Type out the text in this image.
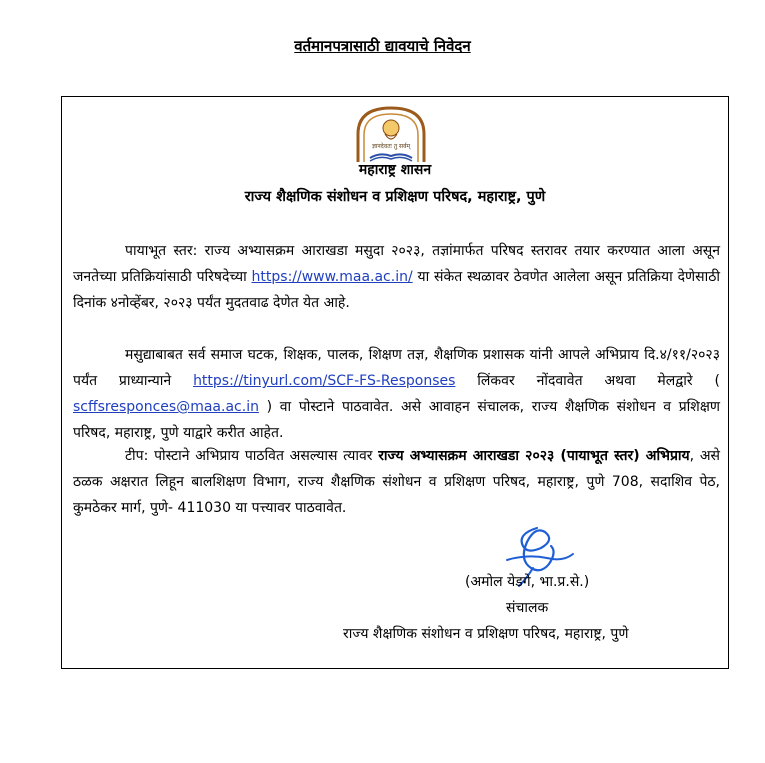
वर्तमानपत्रासाठी द्यावयाचे निवेदन
ज्ञानदेवतः तु सर्वम्
महाराष्ट्र शासन
राज्य शैक्षणिक संशोधन व प्रशिक्षण परिषद, महाराष्ट्र, पुणे
पायाभूत स्तर: राज्य अभ्यासक्रम आराखडा मसुदा २०२३, तज्ञांमार्फत परिषद स्तरावर तयार करण्यात आला असून जनतेच्या प्रतिक्रियांसाठी परिषदेच्या https://www.maa.ac.in/ या संकेत स्थळावर ठेवणेत आलेला असून प्रतिक्रिया देणेसाठी दिनांक ४नोव्हेंबर, २०२३ पर्यंत मुदतवाढ देणेत येत आहे.
मसुद्याबाबत सर्व समाज घटक, शिक्षक, पालक, शिक्षण तज्ञ, शैक्षणिक प्रशासक यांनी आपले अभिप्राय दि.४/११/२०२३ पर्यंत प्राध्यान्याने https://tinyurl.com/SCF-FS-Responses लिंकवर नोंदवावेत अथवा मेलद्वारे ( scffsresponces@maa.ac.in ) वा पोस्टाने पाठवावेत. असे आवाहन संचालक, राज्य शैक्षणिक संशोधन व प्रशिक्षण परिषद, महाराष्ट्र, पुणे याद्वारे करीत आहेत.
टीप: पोस्टाने अभिप्राय पाठवित असल्यास त्यावर राज्य अभ्यासक्रम आराखडा २०२३ (पायाभूत स्तर) अभिप्राय, असे ठळक अक्षरात लिहून बालशिक्षण विभाग, राज्य शैक्षणिक संशोधन व प्रशिक्षण परिषद, महाराष्ट्र, पुणे 708, सदाशिव पेठ, कुमठेकर मार्ग, पुणे- 411030 या पत्त्यावर पाठवावेत.
(अमोल येडगे, भा.प्र.से.)
संचालक
राज्य शैक्षणिक संशोधन व प्रशिक्षण परिषद, महाराष्ट्र, पुणे
